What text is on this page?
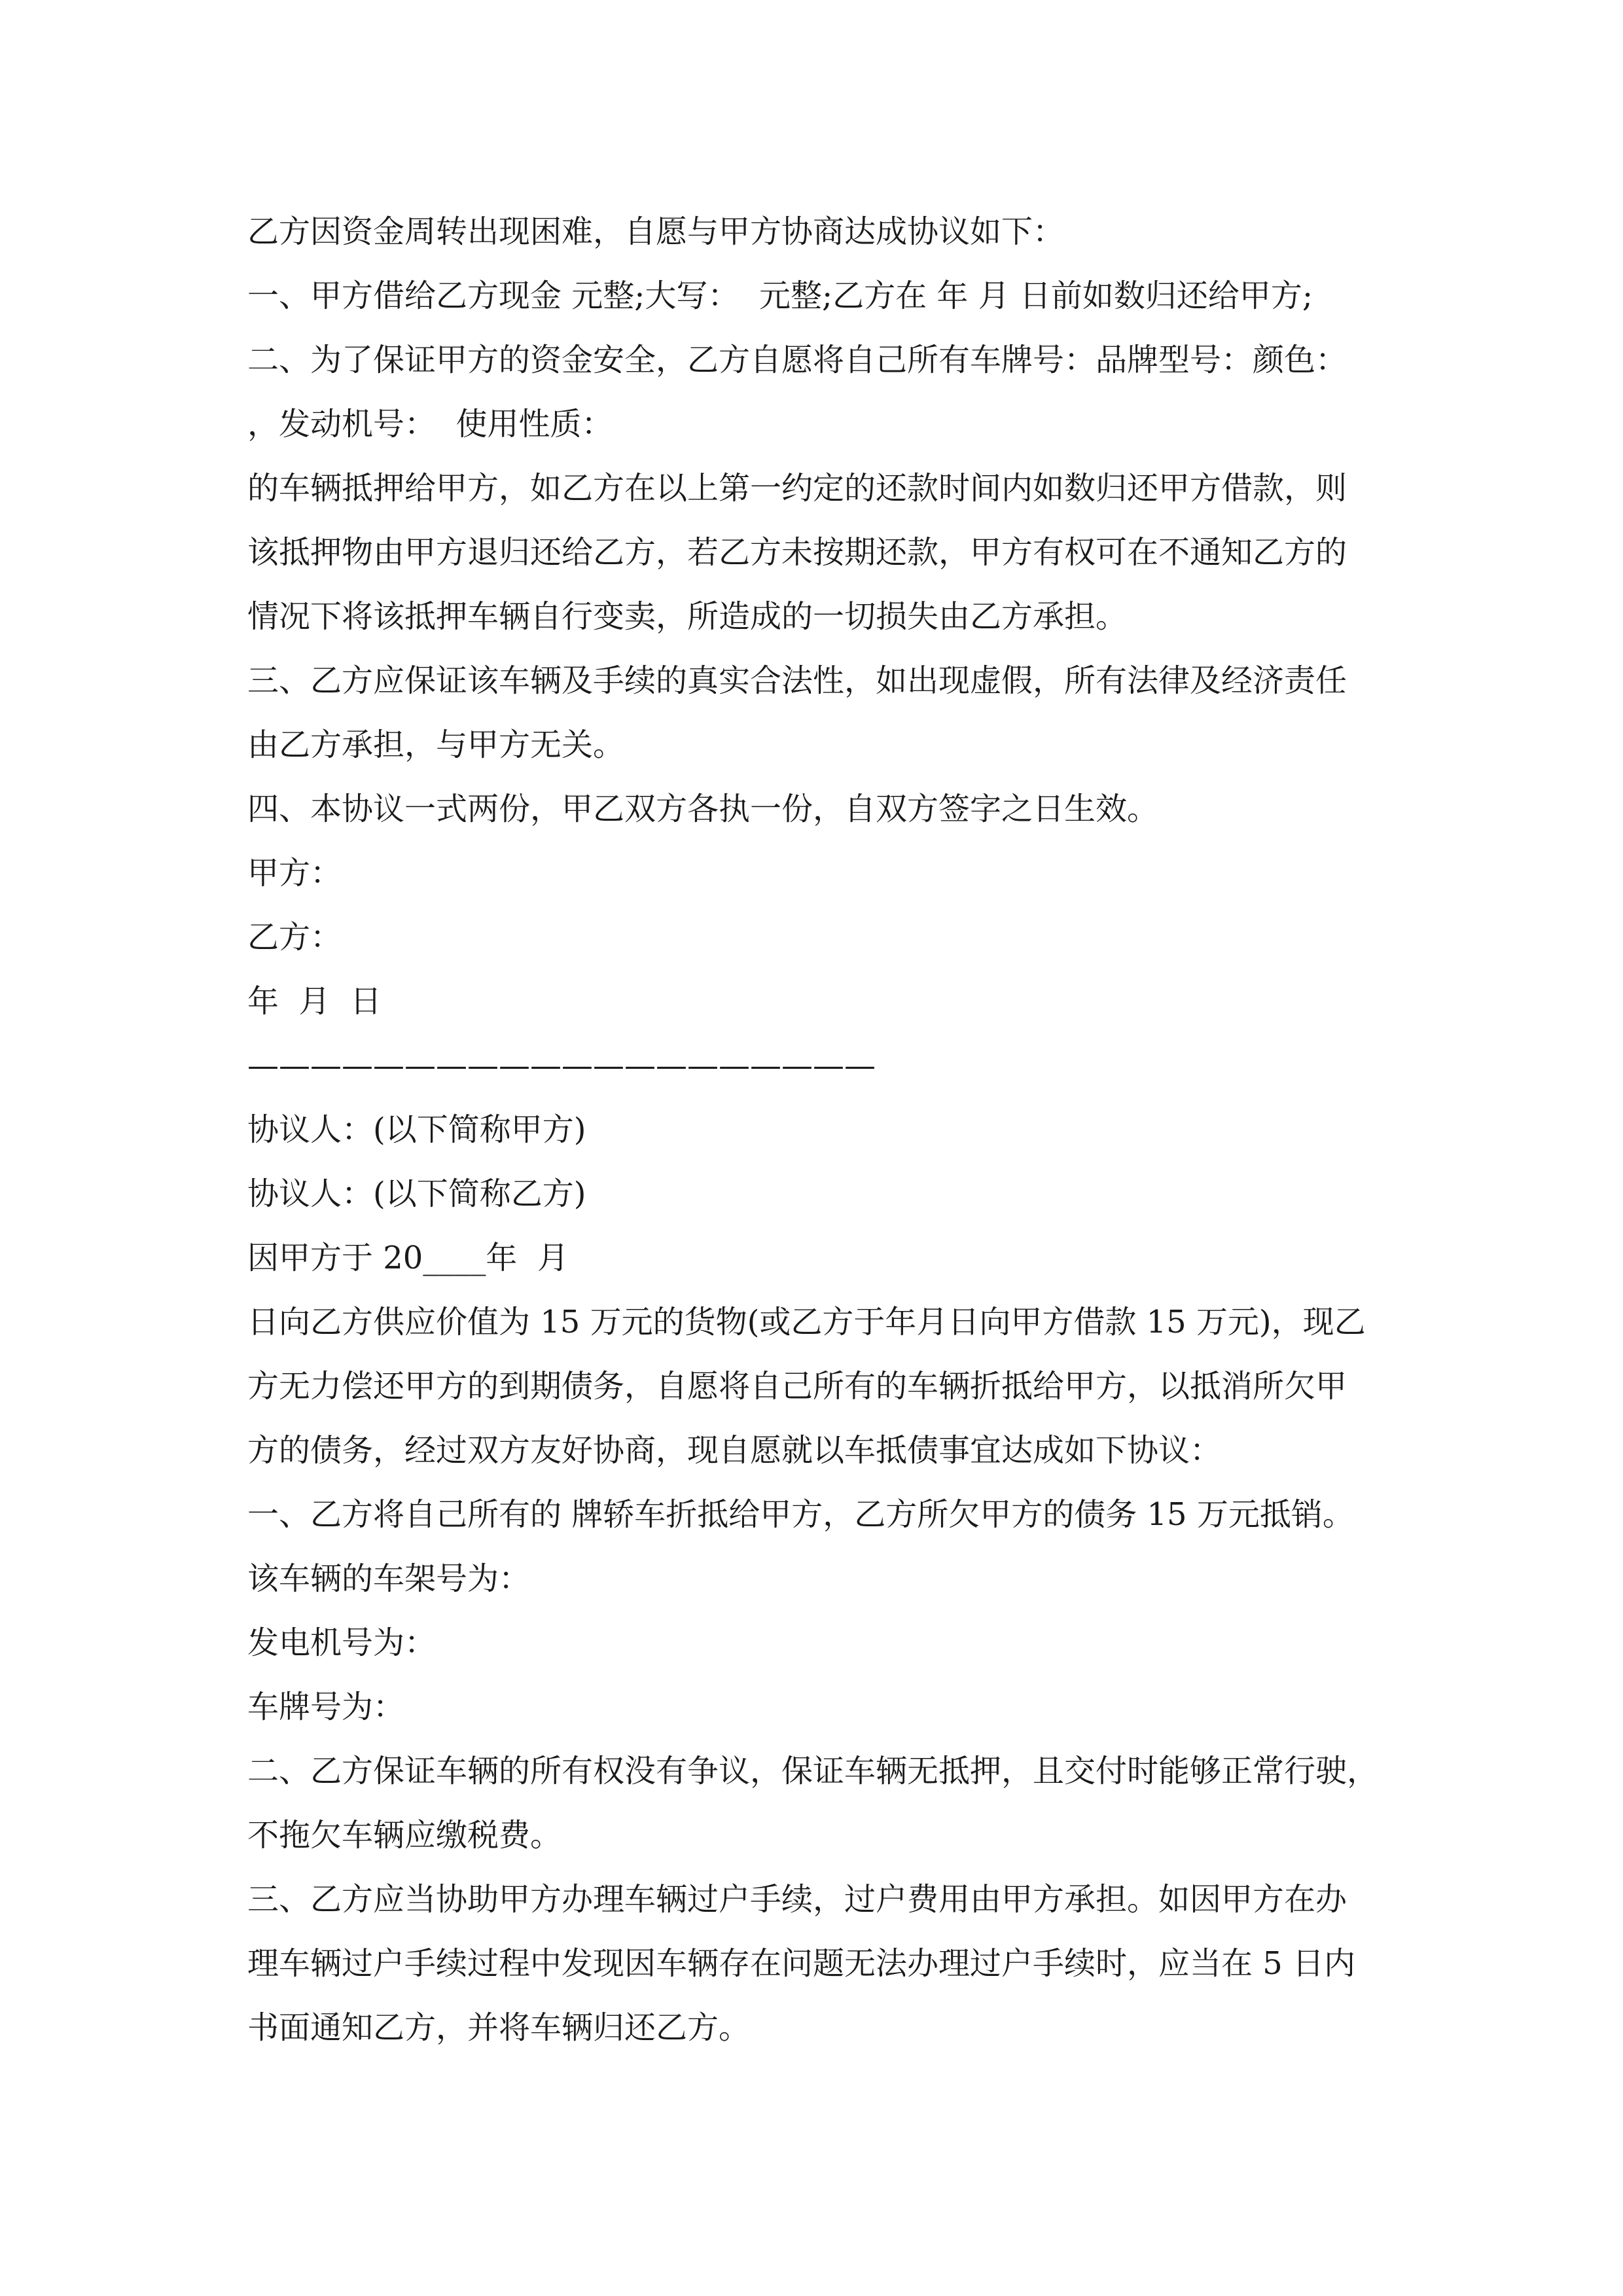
乙方因资金周转出现困难，自愿与甲方协商达成协议如下：
一、甲方借给乙方现金 元整;大写：  元整;乙方在 年 月 日前如数归还给甲方;
二、为了保证甲方的资金安全，乙方自愿将自己所有车牌号：品牌型号：颜色：
，发动机号：  使用性质：
的车辆抵押给甲方，如乙方在以上第一约定的还款时间内如数归还甲方借款，则
该抵押物由甲方退归还给乙方，若乙方未按期还款，甲方有权可在不通知乙方的
情况下将该抵押车辆自行变卖，所造成的一切损失由乙方承担。
三、乙方应保证该车辆及手续的真实合法性，如出现虚假，所有法律及经济责任
由乙方承担，与甲方无关。
四、本协议一式两份，甲乙双方各执一份，自双方签字之日生效。
甲方：
乙方：
年  月  日
————————————————————
协议人：(以下简称甲方)
协议人：(以下简称乙方)
因甲方于 20____年  月
日向乙方供应价值为 15 万元的货物(或乙方于年月日向甲方借款 15 万元)，现乙
方无力偿还甲方的到期债务，自愿将自己所有的车辆折抵给甲方，以抵消所欠甲
方的债务，经过双方友好协商，现自愿就以车抵债事宜达成如下协议：
一、乙方将自己所有的 牌轿车折抵给甲方，乙方所欠甲方的债务 15 万元抵销。
该车辆的车架号为：
发电机号为：
车牌号为：
二、乙方保证车辆的所有权没有争议，保证车辆无抵押，且交付时能够正常行驶，
不拖欠车辆应缴税费。
三、乙方应当协助甲方办理车辆过户手续，过户费用由甲方承担。如因甲方在办
理车辆过户手续过程中发现因车辆存在问题无法办理过户手续时，应当在 5 日内
书面通知乙方，并将车辆归还乙方。
